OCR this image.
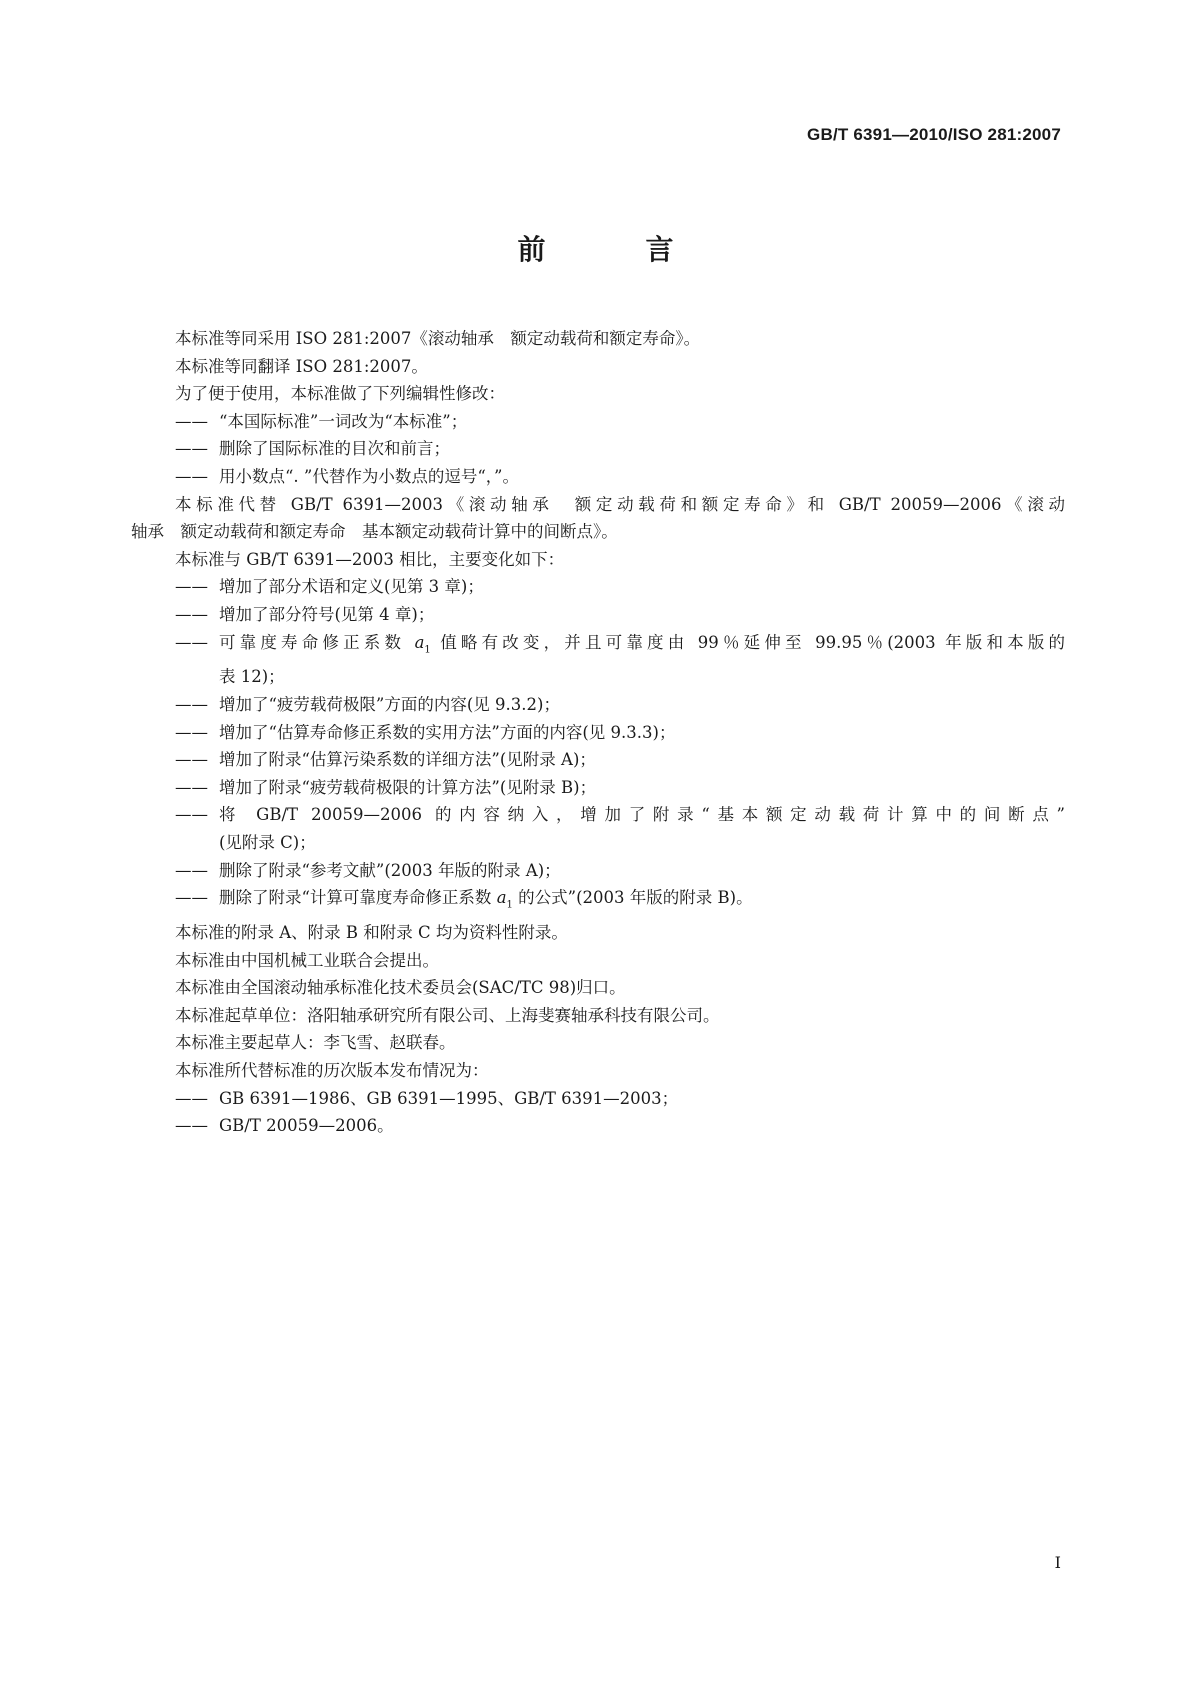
GB/T 6391—2010/ISO 281:2007
前　言

本标准等同采用 ISO 281:2007《滚动轴承　额定动载荷和额定寿命》。

本标准等同翻译 ISO 281:2007。

为了便于使用，本标准做了下列编辑性修改：

—— “本国际标准”一词改为“本标准”；

—— 删除了国际标准的目次和前言；

—— 用小数点“. ”代替作为小数点的逗号“，”。

本标准代替 GB/T 6391—2003《滚动轴承　额定动载荷和额定寿命》和 GB/T 20059—2006《滚动

轴承　额定动载荷和额定寿命　基本额定动载荷计算中的间断点》。

本标准与 GB/T 6391—2003 相比，主要变化如下：

—— 增加了部分术语和定义(见第 3 章)；

—— 增加了部分符号(见第 4 章)；

—— 可靠度寿命修正系数 $a_1$ 值略有改变，并且可靠度由 99％延伸至 99.95％(2003 年版和本版的

表 12)；

—— 增加了“疲劳载荷极限”方面的内容(见 9.3.2)；

—— 增加了“估算寿命修正系数的实用方法”方面的内容(见 9.3.3)；

—— 增加了附录“估算污染系数的详细方法”(见附录 A)；

—— 增加了附录“疲劳载荷极限的计算方法”(见附录 B)；

—— 将 GB/T 20059—2006 的内容纳入，增加了附录“基本额定动载荷计算中的间断点”

(见附录 C)；

—— 删除了附录“参考文献”(2003 年版的附录 A)；

—— 删除了附录“计算可靠度寿命修正系数 $a_1$ 的公式”(2003 年版的附录 B)。

本标准的附录 A、附录 B 和附录 C 均为资料性附录。

本标准由中国机械工业联合会提出。

本标准由全国滚动轴承标准化技术委员会(SAC/TC 98)归口。

本标准起草单位：洛阳轴承研究所有限公司、上海斐赛轴承科技有限公司。

本标准主要起草人：李飞雪、赵联春。

本标准所代替标准的历次版本发布情况为：

—— GB 6391—1986、GB 6391—1995、GB/T 6391—2003；

—— GB/T 20059—2006。

I
